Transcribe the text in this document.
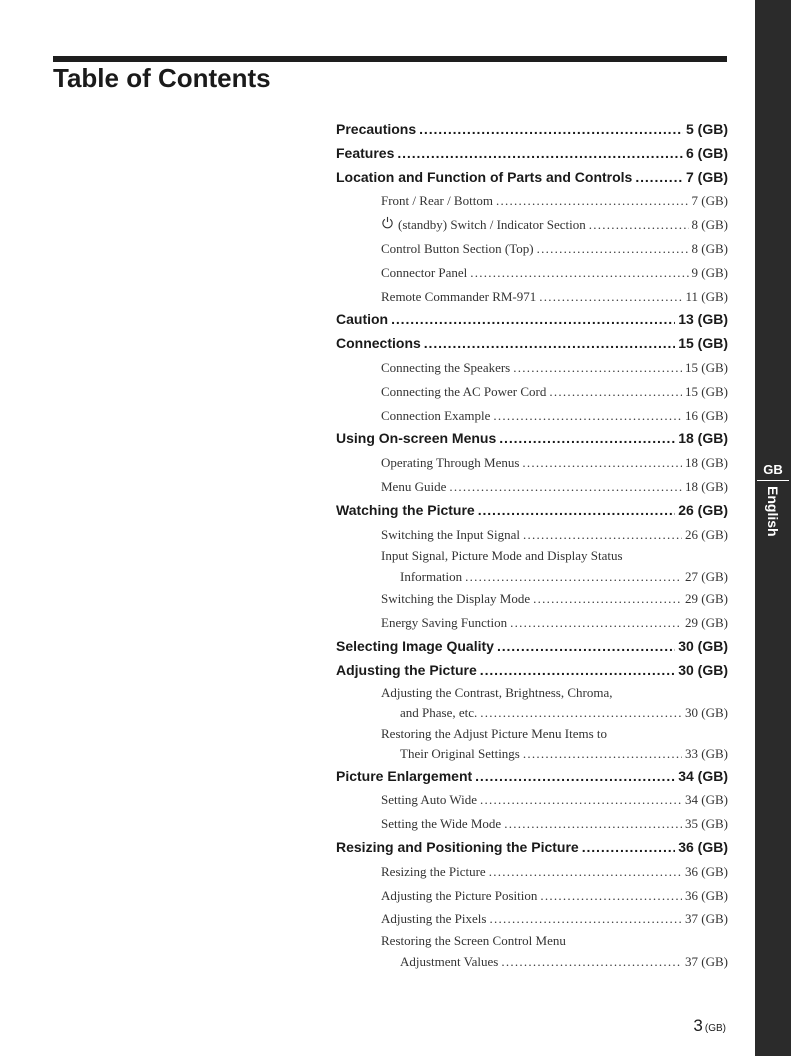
Table of Contents
Precautions . . .	5 (GB)
Features . . .	6 (GB)
Location and Function of Parts and Controls . . .	7 (GB)
Front / Rear / Bottom . . .	7 (GB)
(standby) Switch / Indicator Section . . .	8 (GB)
Control Button Section (Top) . . .	8 (GB)
Connector Panel . . .	9 (GB)
Remote Commander RM-971 . . .	11 (GB)
Caution . . .	13 (GB)
Connections . . .	15 (GB)
Connecting the Speakers . . .	15 (GB)
Connecting the AC Power Cord . . .	15 (GB)
Connection Example . . .	16 (GB)
Using On-screen Menus . . .	18 (GB)
Operating Through Menus . . .	18 (GB)
Menu Guide . . .	18 (GB)
Watching the Picture . . .	26 (GB)
Switching the Input Signal . . .	26 (GB)
Input Signal, Picture Mode and Display Status
Information . . .	27 (GB)
Switching the Display Mode . . .	29 (GB)
Energy Saving Function . . .	29 (GB)
Selecting Image Quality . . .	30 (GB)
Adjusting the Picture . . .	30 (GB)
Adjusting the Contrast, Brightness, Chroma,
and Phase, etc. . . .	30 (GB)
Restoring the Adjust Picture Menu Items to
Their Original Settings . . .	33 (GB)
Picture Enlargement . . .	34 (GB)
Setting Auto Wide . . .	34 (GB)
Setting the Wide Mode . . .	35 (GB)
Resizing and Positioning the Picture . . .	36 (GB)
Resizing the Picture . . .	36 (GB)
Adjusting the Picture Position . . .	36 (GB)
Adjusting the Pixels . . .	37 (GB)
Restoring the Screen Control Menu
Adjustment Values . . .	37 (GB)
GB
English
3 (GB)
